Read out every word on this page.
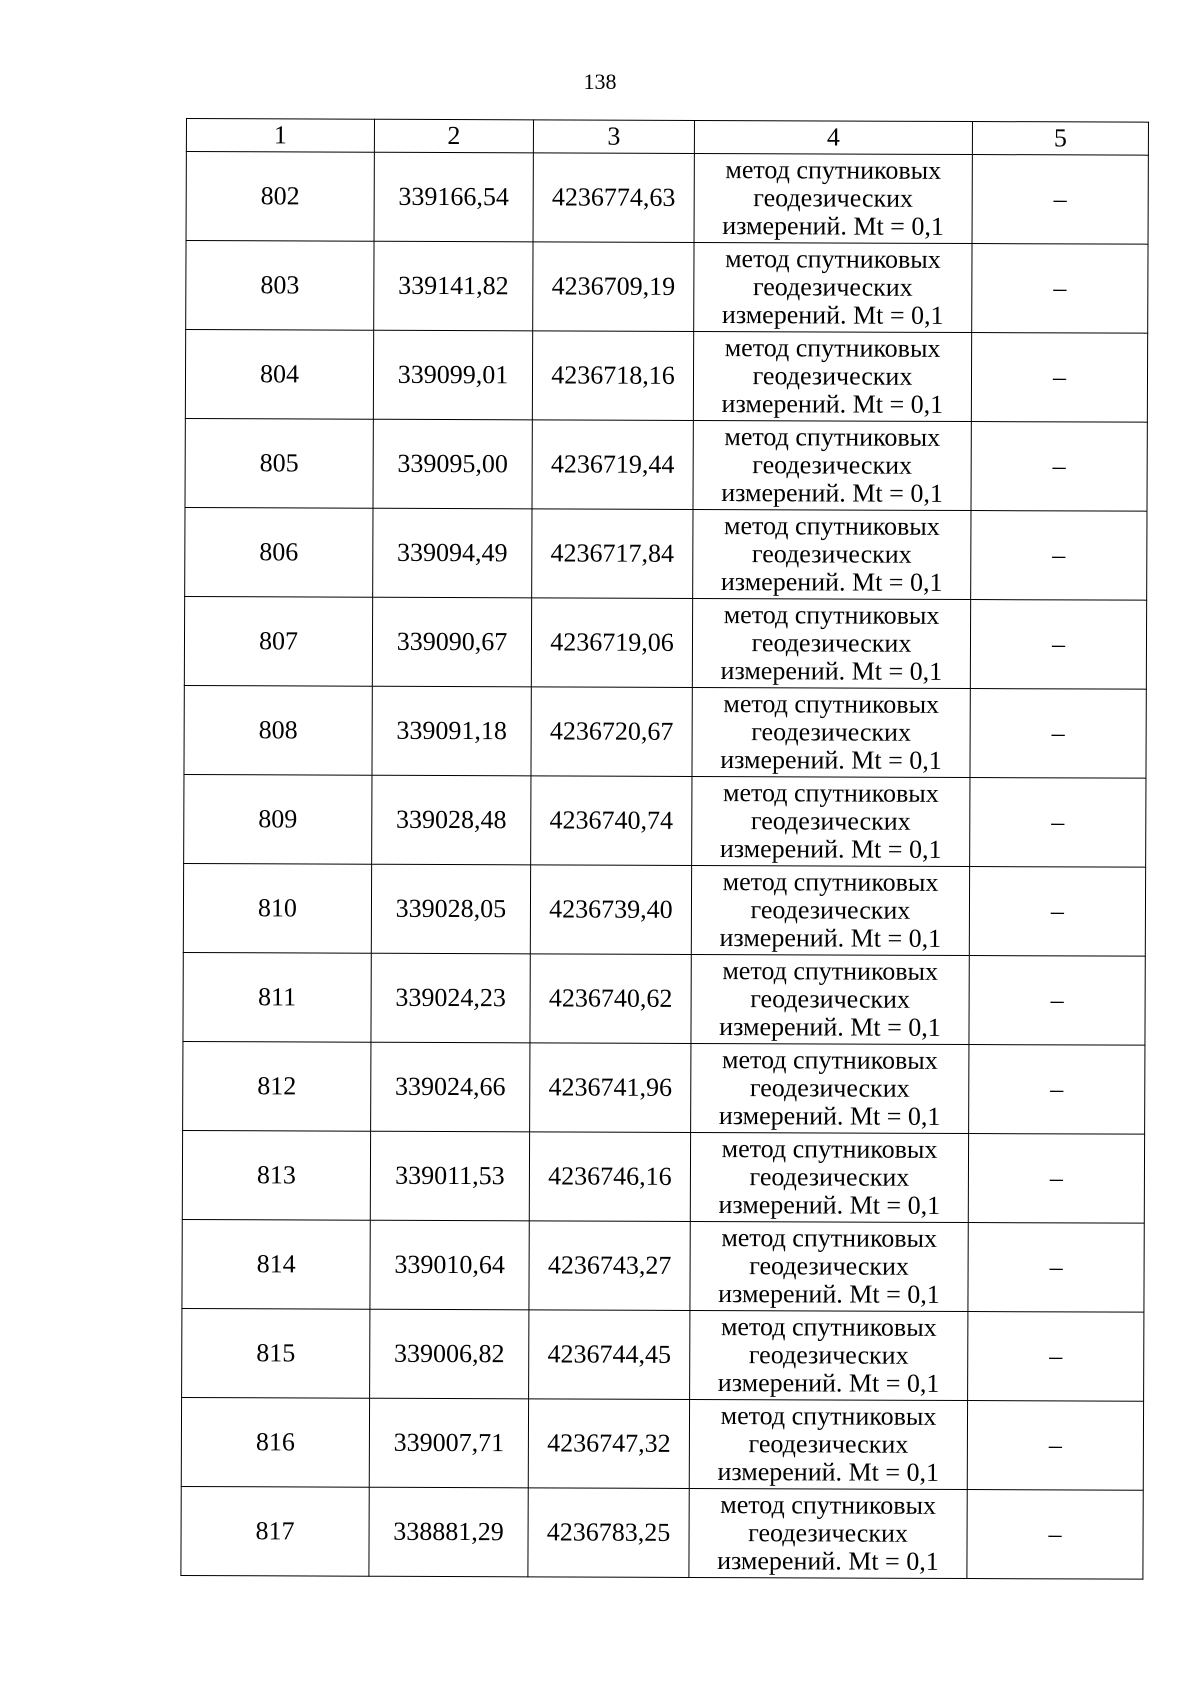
138
1	2	3	4	5
802	339166,54	4236774,63	метод спутниковых
геодезических
измерений. Mt = 0,1	–
803	339141,82	4236709,19	метод спутниковых
геодезических
измерений. Mt = 0,1	–
804	339099,01	4236718,16	метод спутниковых
геодезических
измерений. Mt = 0,1	–
805	339095,00	4236719,44	метод спутниковых
геодезических
измерений. Mt = 0,1	–
806	339094,49	4236717,84	метод спутниковых
геодезических
измерений. Mt = 0,1	–
807	339090,67	4236719,06	метод спутниковых
геодезических
измерений. Mt = 0,1	–
808	339091,18	4236720,67	метод спутниковых
геодезических
измерений. Mt = 0,1	–
809	339028,48	4236740,74	метод спутниковых
геодезических
измерений. Mt = 0,1	–
810	339028,05	4236739,40	метод спутниковых
геодезических
измерений. Mt = 0,1	–
811	339024,23	4236740,62	метод спутниковых
геодезических
измерений. Mt = 0,1	–
812	339024,66	4236741,96	метод спутниковых
геодезических
измерений. Mt = 0,1	–
813	339011,53	4236746,16	метод спутниковых
геодезических
измерений. Mt = 0,1	–
814	339010,64	4236743,27	метод спутниковых
геодезических
измерений. Mt = 0,1	–
815	339006,82	4236744,45	метод спутниковых
геодезических
измерений. Mt = 0,1	–
816	339007,71	4236747,32	метод спутниковых
геодезических
измерений. Mt = 0,1	–
817	338881,29	4236783,25	метод спутниковых
геодезических
измерений. Mt = 0,1	–
